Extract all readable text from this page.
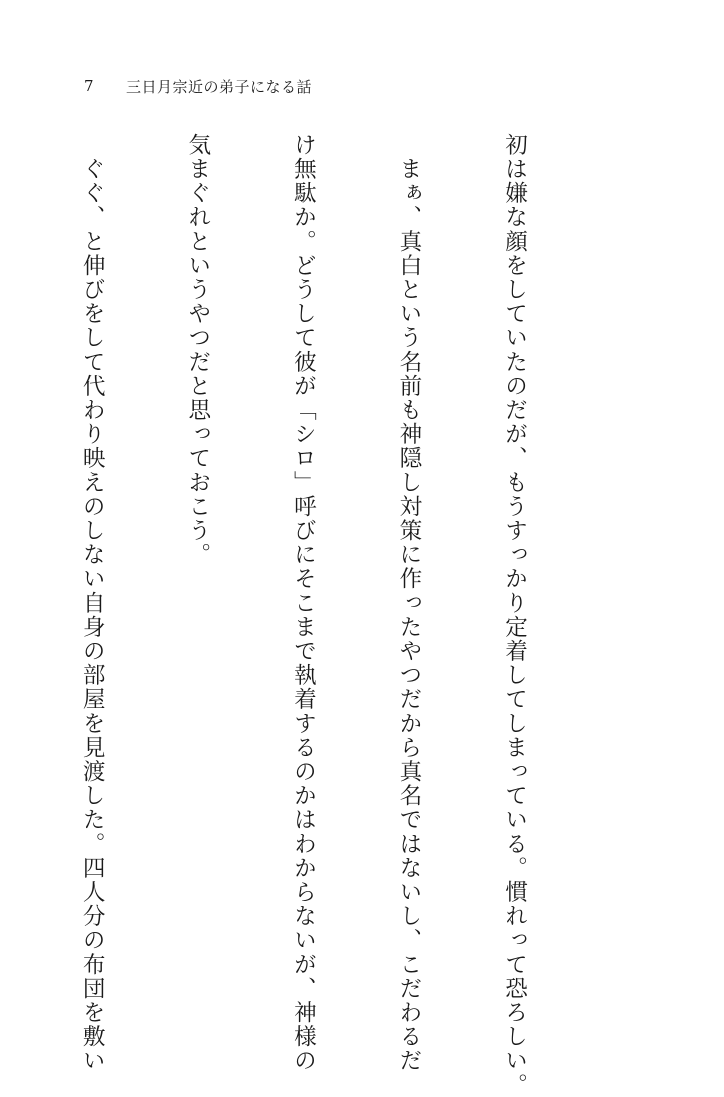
7	三日月宗近の弟子になる話

初は嫌な顔をしていたのだが、もうすっかり定着してしまっている。慣れって恐ろしい。

　まぁ、真白という名前も神隠し対策に作ったやつだから真名ではないし、こだわるだ

け無駄か。どうして彼が「シロ」呼びにそこまで執着するのかはわからないが、神様の

気まぐれというやつだと思っておこう。

　ぐぐ、と伸びをして代わり映えのしない自身の部屋を見渡した。四人分の布団を敷い
